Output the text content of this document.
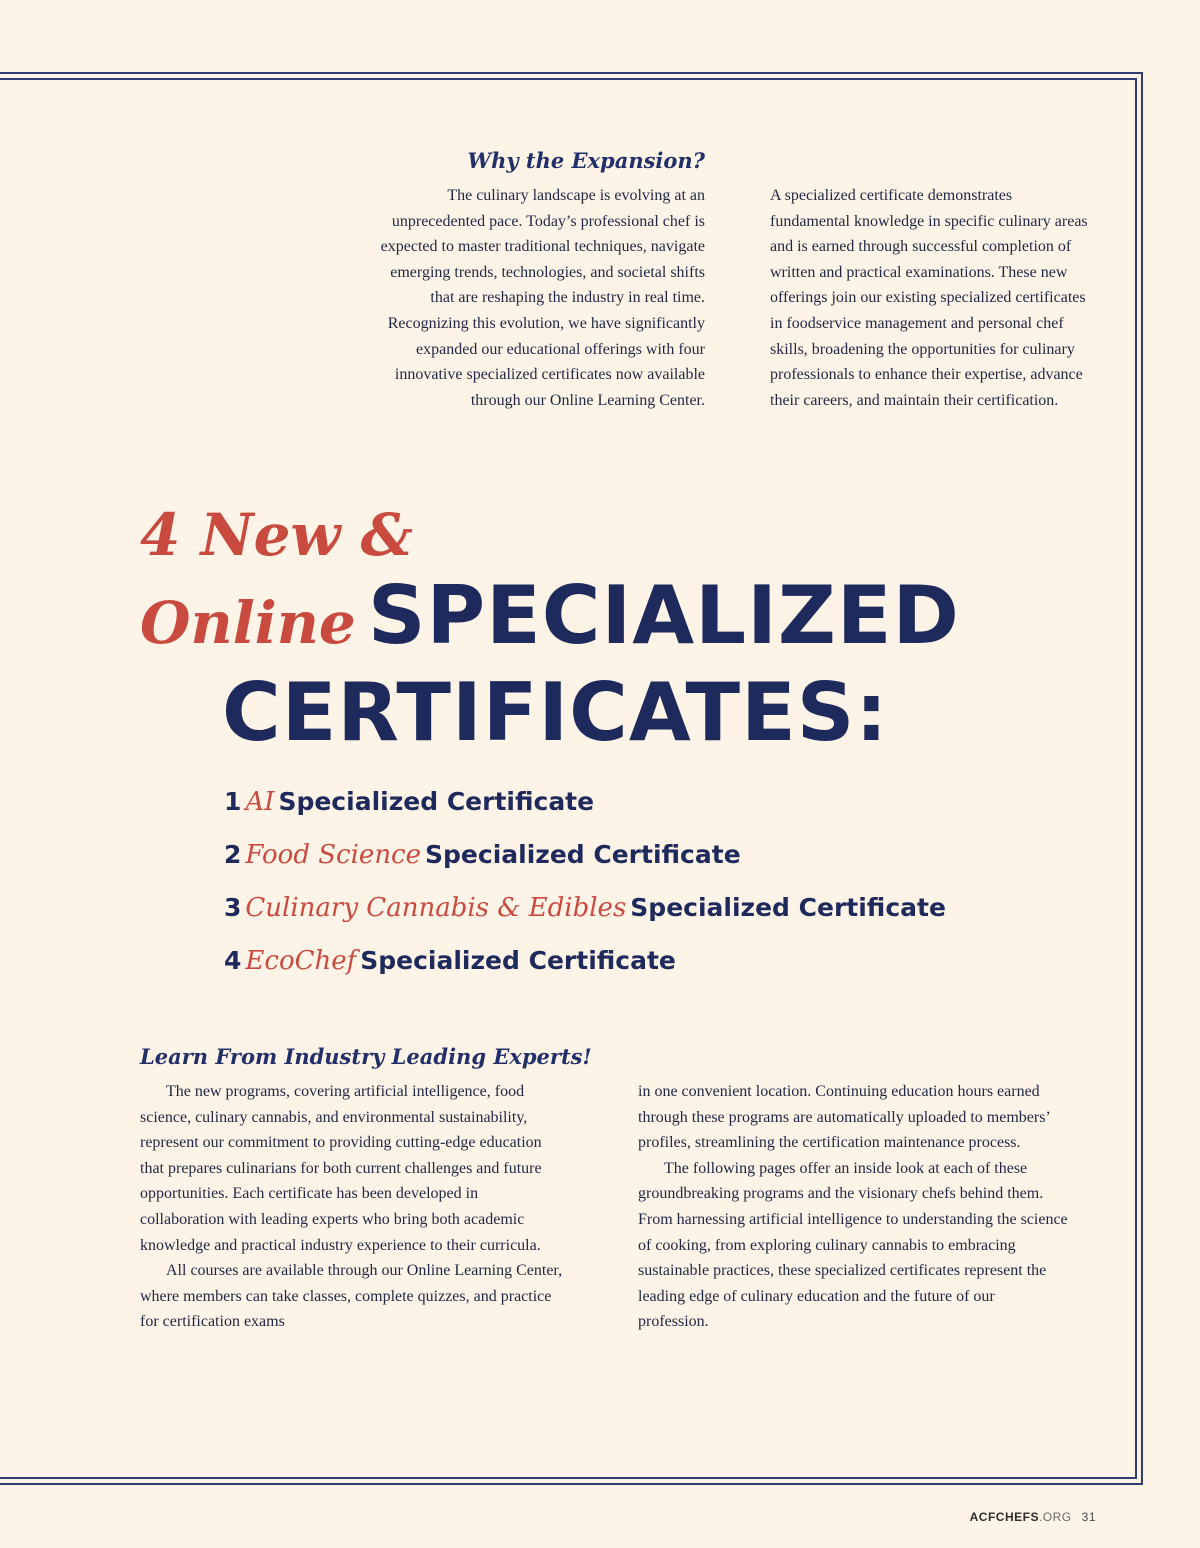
Why the Expansion?

The culinary landscape is evolving at an unprecedented pace. Today’s professional chef is expected to master traditional techniques, navigate emerging trends, technologies, and societal shifts that are reshaping the industry in real time. Recognizing this evolution, we have significantly expanded our educational offerings with four innovative specialized certificates now available through our Online Learning Center.

A specialized certificate demonstrates fundamental knowledge in specific culinary areas and is earned through successful completion of written and practical examinations. These new offerings join our existing specialized certificates in foodservice management and personal chef skills, broadening the opportunities for culinary professionals to enhance their expertise, advance their careers, and maintain their certification.

4 New &
Online SPECIALIZED
CERTIFICATES:
1 AI Specialized Certificate
2 Food Science Specialized Certificate
3 Culinary Cannabis & Edibles Specialized Certificate
4 EcoChef Specialized Certificate
Learn From Industry Leading Experts!

The new programs, covering artificial intelligence, food science, culinary cannabis, and environmental sustainability, represent our commitment to providing cutting-edge education that prepares culinarians for both current challenges and future opportunities. Each certificate has been developed in collaboration with leading experts who bring both academic knowledge and practical industry experience to their curricula.

All courses are available through our Online Learning Center, where members can take classes, complete quizzes, and practice for certification exams

in one convenient location. Continuing education hours earned through these programs are automatically uploaded to members’ profiles, streamlining the certification maintenance process.

The following pages offer an inside look at each of these groundbreaking programs and the visionary chefs behind them. From harnessing artificial intelligence to understanding the science of cooking, from exploring culinary cannabis to embracing sustainable practices, these specialized certificates represent the leading edge of culinary education and the future of our profession.

ACFCHEFS.ORG 31
